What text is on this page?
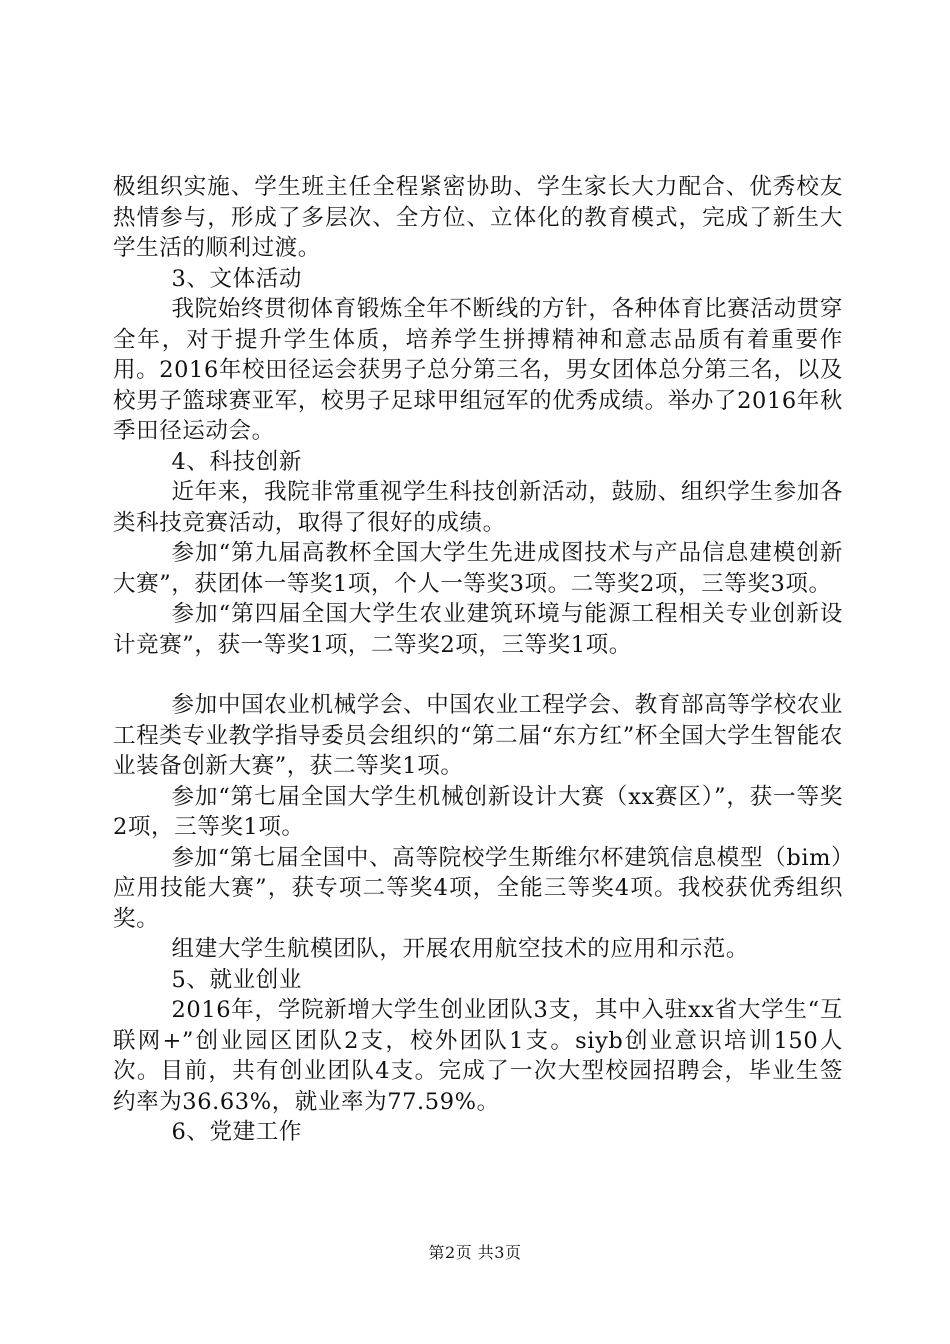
极组织实施、学生班主任全程紧密协助、学生家长大力配合、优秀校友热情参与，形成了多层次、全方位、立体化的教育模式，完成了新生大学生活的顺利过渡。

3、文体活动

我院始终贯彻体育锻炼全年不断线的方针，各种体育比赛活动贯穿全年，对于提升学生体质，培养学生拼搏精神和意志品质有着重要作用。2016年校田径运会获男子总分第三名，男女团体总分第三名，以及校男子篮球赛亚军，校男子足球甲组冠军的优秀成绩。举办了2016年秋季田径运动会。

4、科技创新

近年来，我院非常重视学生科技创新活动，鼓励、组织学生参加各类科技竞赛活动，取得了很好的成绩。

参加“第九届高教杯全国大学生先进成图技术与产品信息建模创新大赛”，获团体一等奖1项，个人一等奖3项。二等奖2项，三等奖3项。

参加“第四届全国大学生农业建筑环境与能源工程相关专业创新设计竞赛”，获一等奖1项，二等奖2项，三等奖1项。

参加中国农业机械学会、中国农业工程学会、教育部高等学校农业工程类专业教学指导委员会组织的“第二届“东方红”杯全国大学生智能农业装备创新大赛”，获二等奖1项。

参加“第七届全国大学生机械创新设计大赛（xx赛区）”，获一等奖2项，三等奖1项。

参加“第七届全国中、高等院校学生斯维尔杯建筑信息模型（bim）应用技能大赛”，获专项二等奖4项，全能三等奖4项。我校获优秀组织奖。

组建大学生航模团队，开展农用航空技术的应用和示范。

5、就业创业

2016年，学院新增大学生创业团队3支，其中入驻xx省大学生“互联网+”创业园区团队2支，校外团队1支。siyb创业意识培训150人次。目前，共有创业团队4支。完成了一次大型校园招聘会，毕业生签约率为36.63%，就业率为77.59%。

6、党建工作

第2页 共3页
